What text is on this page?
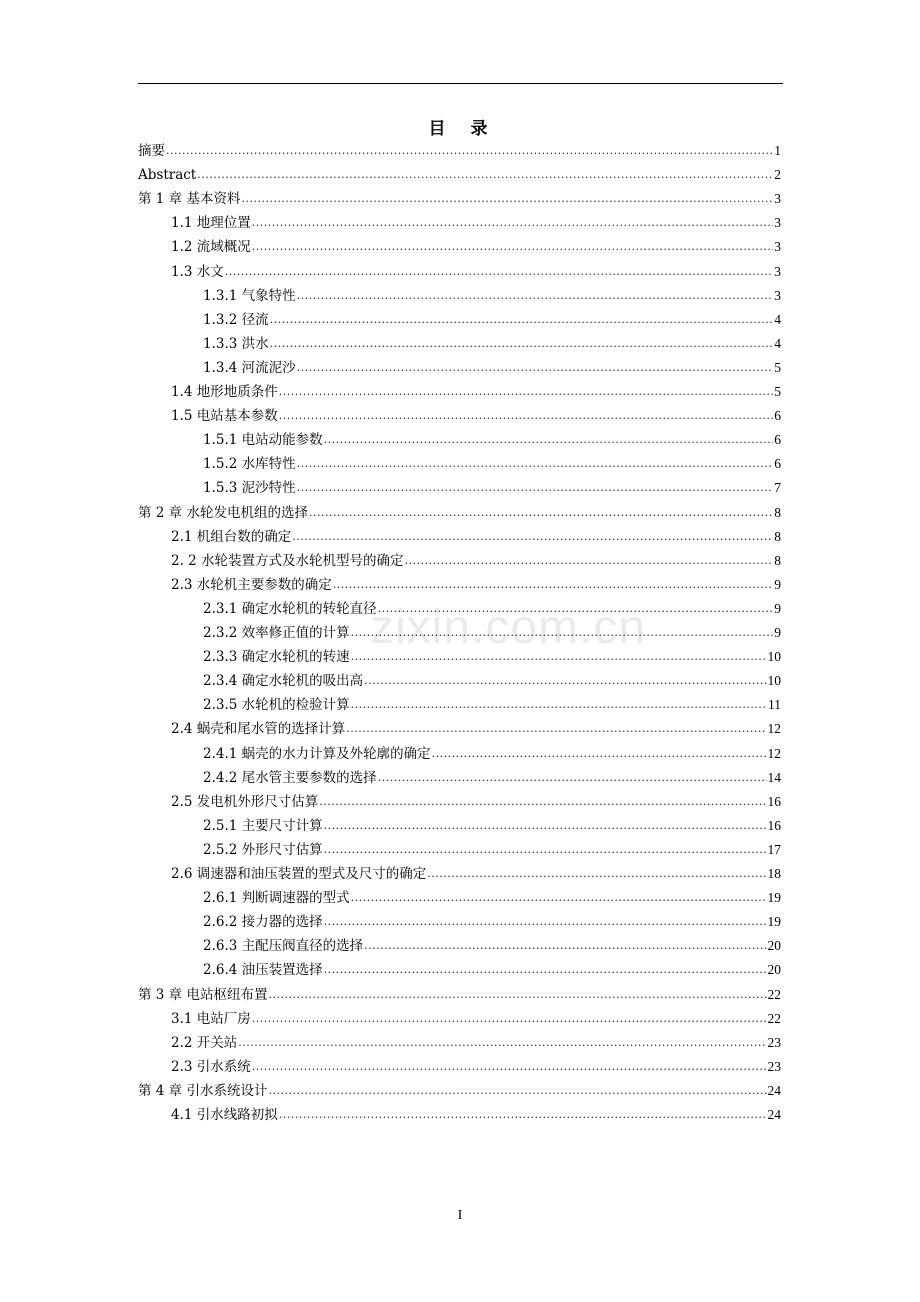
目　录
摘要 .....	1
Abstract .....	2
第 1 章 基本资料 .....	3
1.1 地理位置 .....	3
1.2 流域概况 .....	3
1.3 水文 .....	3
1.3.1 气象特性 .....	3
1.3.2 径流 .....	4
1.3.3 洪水 .....	4
1.3.4 河流泥沙 .....	5
1.4 地形地质条件 .....	5
1.5 电站基本参数 .....	6
1.5.1 电站动能参数 .....	6
1.5.2 水库特性 .....	6
1.5.3 泥沙特性 .....	7
第 2 章 水轮发电机组的选择 .....	8
2.1 机组台数的确定 .....	8
2. 2 水轮装置方式及水轮机型号的确定 .....	8
2.3 水轮机主要参数的确定 .....	9
2.3.1 确定水轮机的转轮直径 .....	9
2.3.2 效率修正值的计算 .....	9
2.3.3 确定水轮机的转速 .....	10
2.3.4 确定水轮机的吸出高 .....	10
2.3.5 水轮机的检验计算 .....	11
2.4 蜗壳和尾水管的选择计算 .....	12
2.4.1 蜗壳的水力计算及外轮廓的确定 .....	12
2.4.2 尾水管主要参数的选择 .....	14
2.5 发电机外形尺寸估算 .....	16
2.5.1 主要尺寸计算 .....	16
2.5.2 外形尺寸估算 .....	17
2.6 调速器和油压装置的型式及尺寸的确定 .....	18
2.6.1 判断调速器的型式 .....	19
2.6.2 接力器的选择 .....	19
2.6.3 主配压阀直径的选择 .....	20
2.6.4 油压装置选择 .....	20
第 3 章 电站枢纽布置 .....	22
3.1 电站厂房 .....	22
2.2 开关站 .....	23
2.3 引水系统 .....	23
第 4 章 引水系统设计 .....	24
4.1 引水线路初拟 .....	24
zixin.com.cn
I
